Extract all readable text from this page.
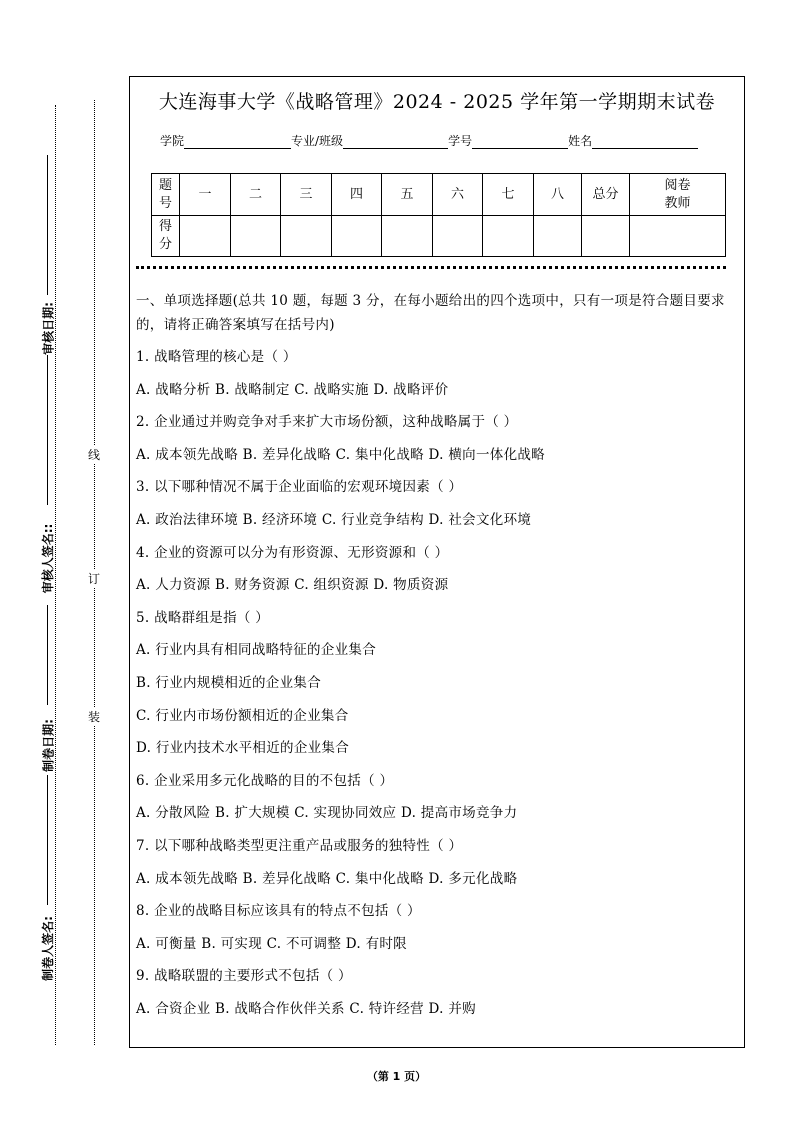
审核日期:
审核人签名::
制卷日期:
制卷人签名:
线
订
装
大连海事大学《战略管理》2024 - 2025 学年第一学期期末试卷
学院	专业/班级	学号	姓名
题号	一	二	三	四	五	六	七	八	总分	阅卷教师
得分										

一、单项选择题(总共 10 题，每题 3 分，在每小题给出的四个选项中，只有一项是符合题目要求的，请将正确答案填写在括号内)

1. 战略管理的核心是（ ）
A. 战略分析 B. 战略制定 C. 战略实施 D. 战略评价
2. 企业通过并购竞争对手来扩大市场份额，这种战略属于（ ）
A. 成本领先战略 B. 差异化战略 C. 集中化战略 D. 横向一体化战略
3. 以下哪种情况不属于企业面临的宏观环境因素（ ）
A. 政治法律环境 B. 经济环境 C. 行业竞争结构 D. 社会文化环境
4. 企业的资源可以分为有形资源、无形资源和（ ）
A. 人力资源 B. 财务资源 C. 组织资源 D. 物质资源
5. 战略群组是指（ ）
A. 行业内具有相同战略特征的企业集合
B. 行业内规模相近的企业集合
C. 行业内市场份额相近的企业集合
D. 行业内技术水平相近的企业集合
6. 企业采用多元化战略的目的不包括（ ）
A. 分散风险 B. 扩大规模 C. 实现协同效应 D. 提高市场竞争力
7. 以下哪种战略类型更注重产品或服务的独特性（ ）
A. 成本领先战略 B. 差异化战略 C. 集中化战略 D. 多元化战略
8. 企业的战略目标应该具有的特点不包括（ ）
A. 可衡量 B. 可实现 C. 不可调整 D. 有时限
9. 战略联盟的主要形式不包括（ ）
A. 合资企业 B. 战略合作伙伴关系 C. 特许经营 D. 并购
（第 1 页）
